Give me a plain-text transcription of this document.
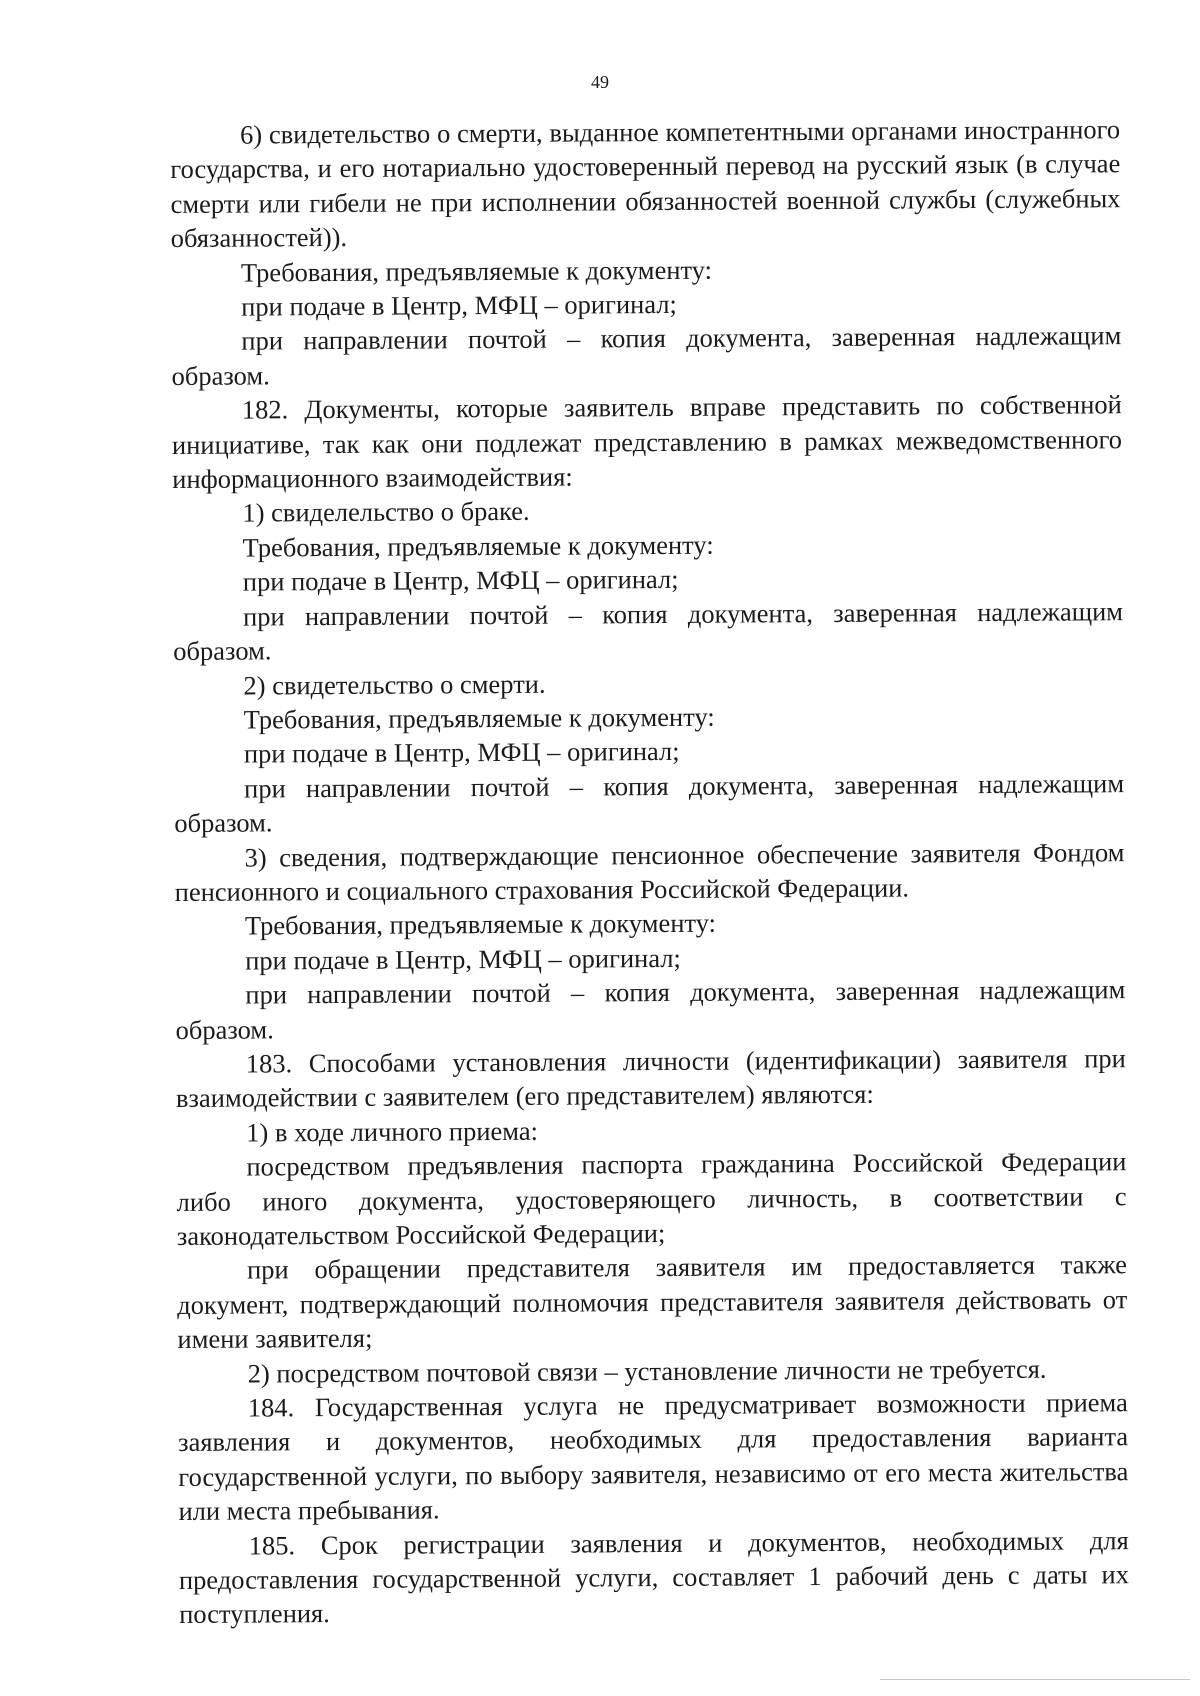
49

6) свидетельство о смерти, выданное компетентными органами иностранного государства, и его нотариально удостоверенный перевод на русский язык (в случае смерти или гибели не при исполнении обязанностей военной службы (служебных обязанностей)).

Требования, предъявляемые к документу:

при подаче в Центр, МФЦ – оригинал;

при направлении почтой – копия документа, заверенная надлежащим образом.

182. Документы, которые заявитель вправе представить по собственной инициативе, так как они подлежат представлению в рамках межведомственного информационного взаимодействия:

1) свиделельство о браке.

Требования, предъявляемые к документу:

при подаче в Центр, МФЦ – оригинал;

при направлении почтой – копия документа, заверенная надлежащим образом.

2) свидетельство о смерти.

Требования, предъявляемые к документу:

при подаче в Центр, МФЦ – оригинал;

при направлении почтой – копия документа, заверенная надлежащим образом.

3) сведения, подтверждающие пенсионное обеспечение заявителя Фондом пенсионного и социального страхования Российской Федерации.

Требования, предъявляемые к документу:

при подаче в Центр, МФЦ – оригинал;

при направлении почтой – копия документа, заверенная надлежащим образом.

183. Способами установления личности (идентификации) заявителя при взаимодействии с заявителем (его представителем) являются:

1) в ходе личного приема:

посредством предъявления паспорта гражданина Российской Федерации либо иного документа, удостоверяющего личность, в соответствии с законодательством Российской Федерации;

при обращении представителя заявителя им предоставляется также документ, подтверждающий полномочия представителя заявителя действовать от имени заявителя;

2) посредством почтовой связи – установление личности не требуется.

184. Государственная услуга не предусматривает возможности приема заявления и документов, необходимых для предоставления варианта государственной услуги, по выбору заявителя, независимо от его места жительства или места пребывания.

185. Срок регистрации заявления и документов, необходимых для предоставления государственной услуги, составляет 1 рабочий день с даты их поступления.
